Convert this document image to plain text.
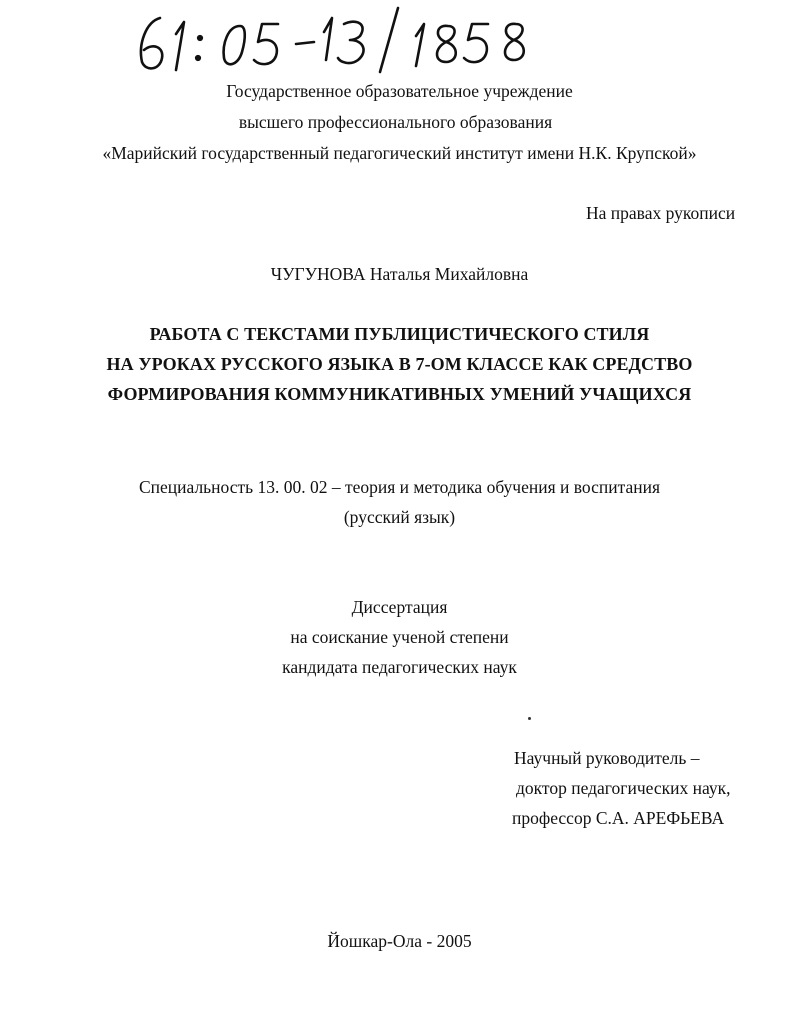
Государственное образовательное учреждение
высшего профессионального образования
«Марийский государственный педагогический институт имени Н.К. Крупской»
На правах рукописи
ЧУГУНОВА Наталья Михайловна
РАБОТА С ТЕКСТАМИ ПУБЛИЦИСТИЧЕСКОГО СТИЛЯ
НА УРОКАХ РУССКОГО ЯЗЫКА В 7-ОМ КЛАССЕ КАК СРЕДСТВО
ФОРМИРОВАНИЯ КОММУНИКАТИВНЫХ УМЕНИЙ УЧАЩИХСЯ
Специальность 13. 00. 02 – теория и методика обучения и воспитания
(русский язык)
Диссертация
на соискание ученой степени
кандидата педагогических наук
Научный руководитель –
доктор педагогических наук,
профессор С.А. АРЕФЬЕВА
Йошкар-Ола - 2005
